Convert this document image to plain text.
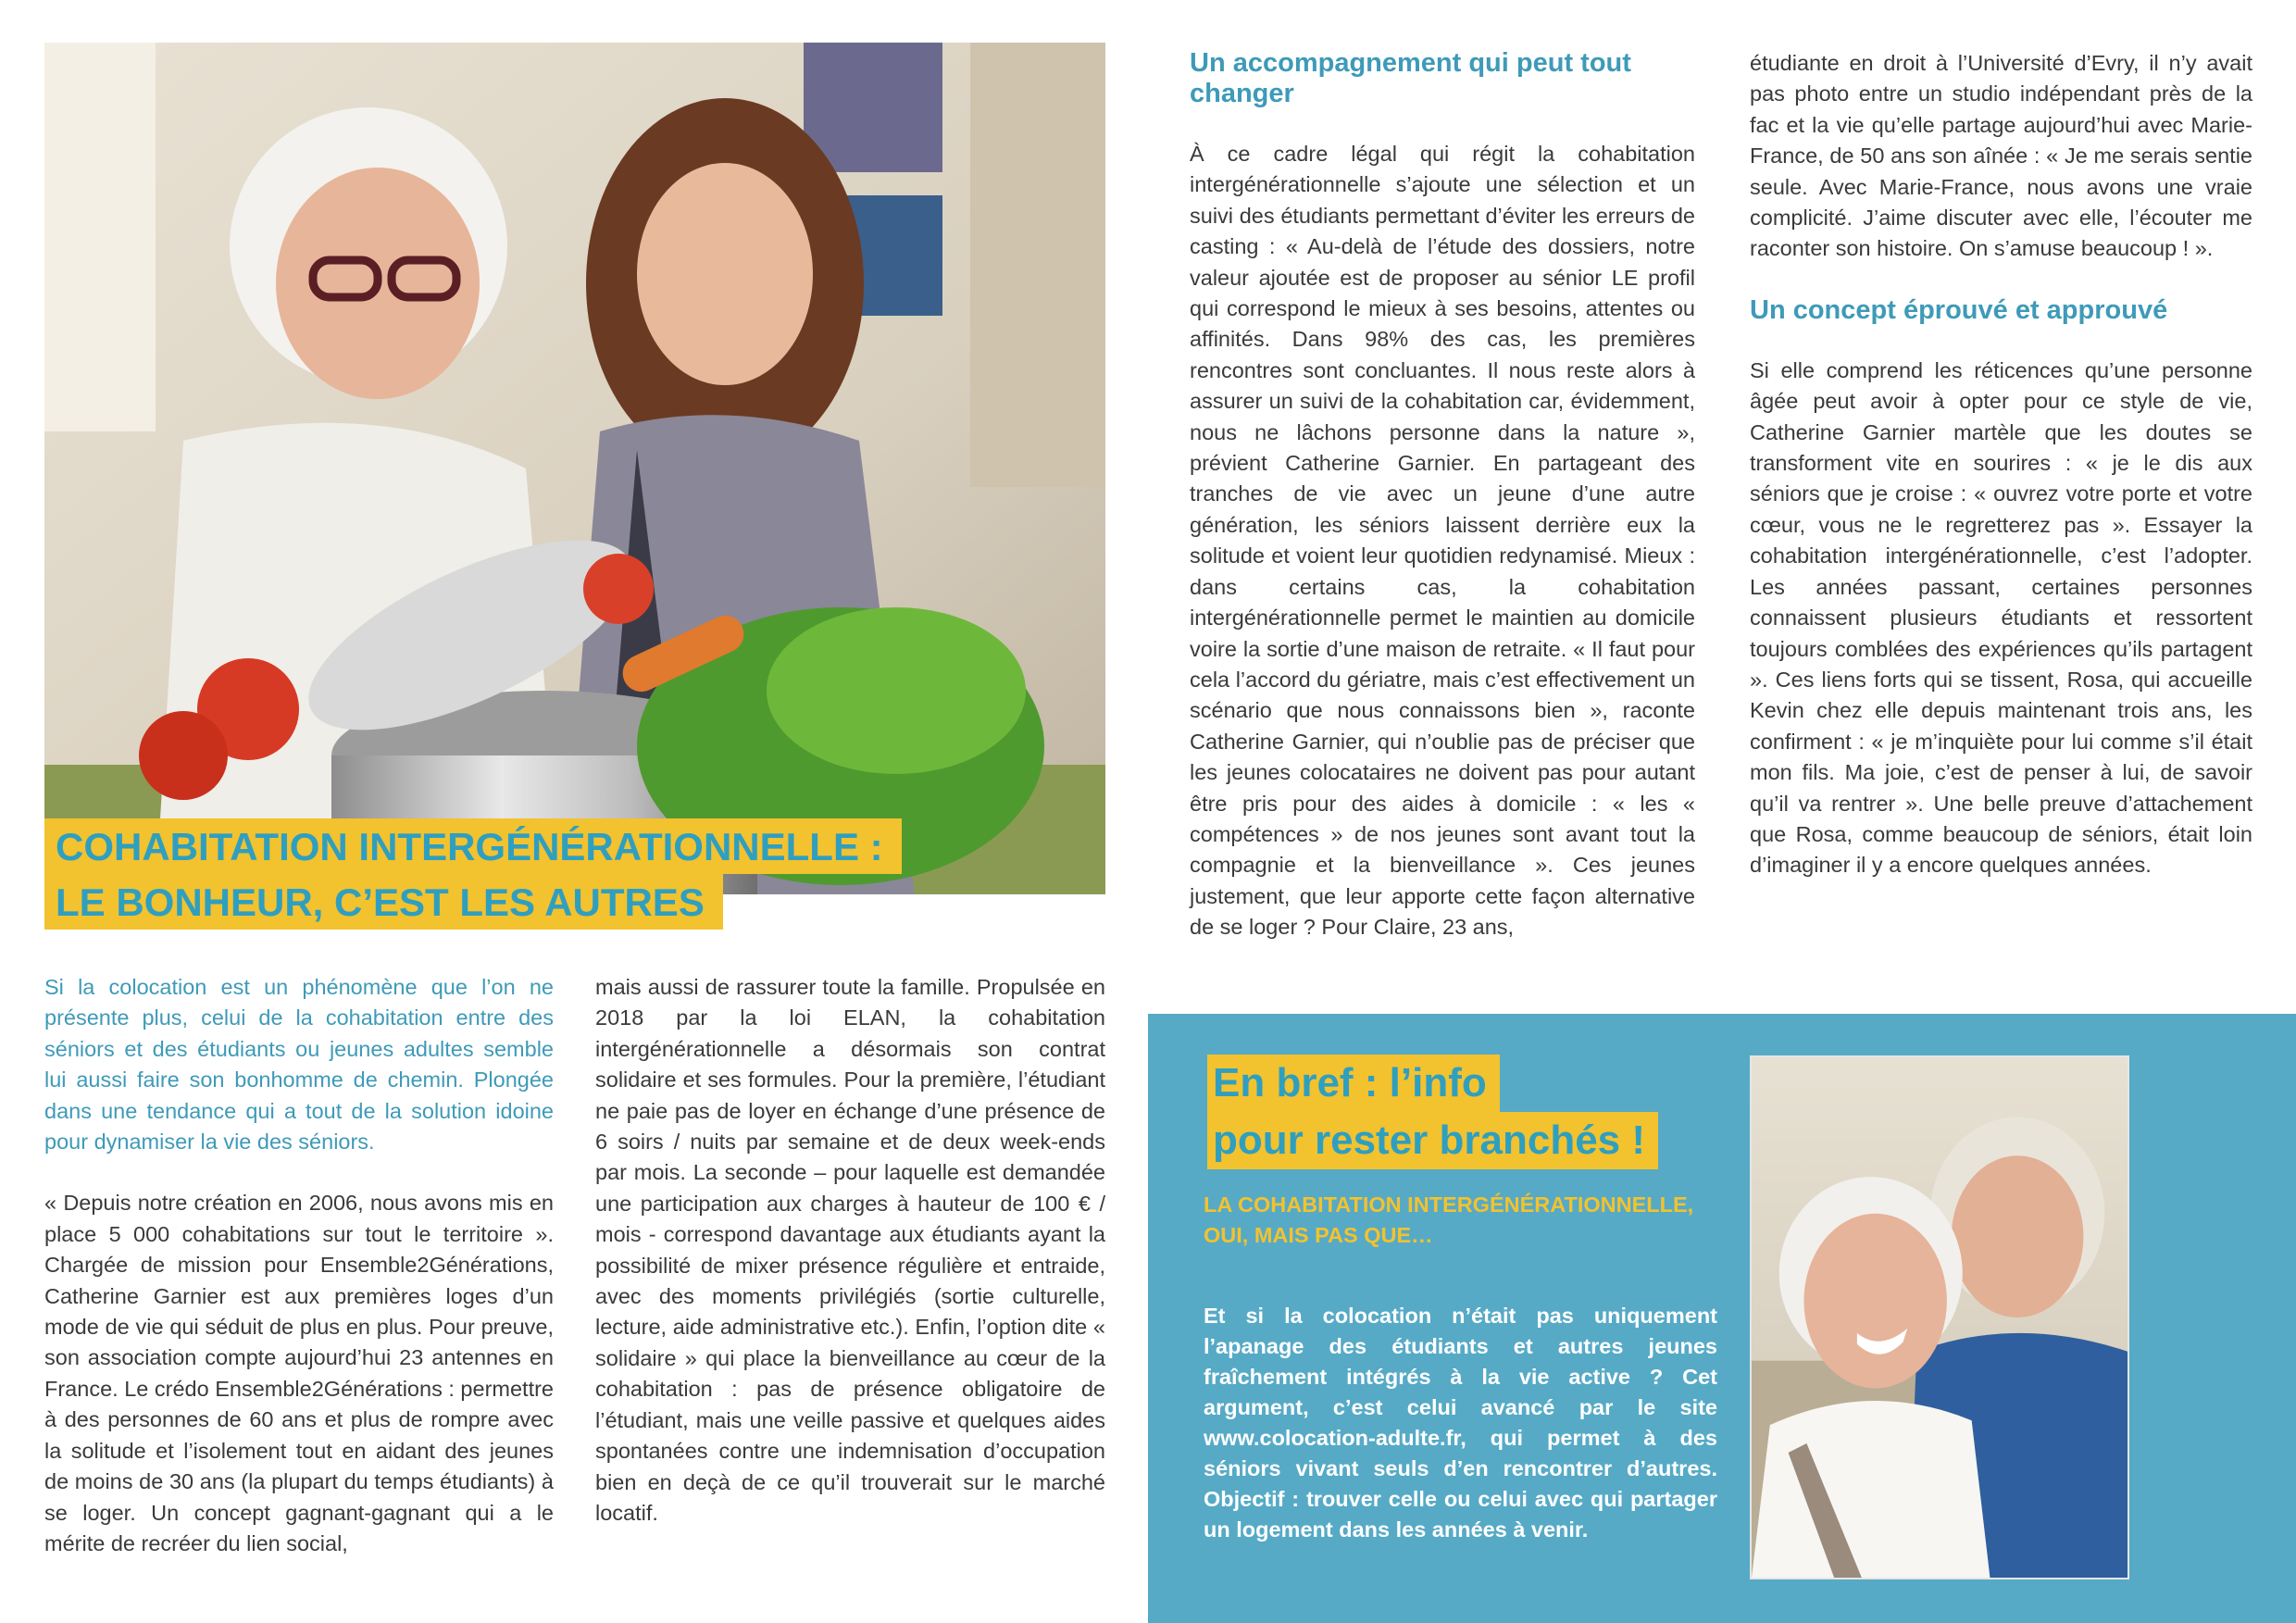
COHABITATION INTERGÉNÉRATIONNELLE :
LE BONHEUR, C’EST LES AUTRES

Si la colocation est un phénomène que l’on ne présente plus, celui de la cohabitation entre des séniors et des étudiants ou jeunes adultes semble lui aussi faire son bonhomme de chemin. Plongée dans une tendance qui a tout de la solution idoine pour dynamiser la vie des séniors.

« Depuis notre création en 2006, nous avons mis en place 5 000 cohabitations sur tout le territoire ». Chargée de mission pour Ensemble2Générations, Catherine Garnier est aux premières loges d’un mode de vie qui séduit de plus en plus. Pour preuve, son association compte aujourd’hui 23 antennes en France. Le crédo Ensemble2Générations : permettre à des personnes de 60 ans et plus de rompre avec la solitude et l’isolement tout en aidant des jeunes de moins de 30 ans (la plupart du temps étudiants) à se loger. Un concept gagnant-gagnant qui a le mérite de recréer du lien social,

mais aussi de rassurer toute la famille. Propulsée en 2018 par la loi ELAN, la cohabitation intergénérationnelle a désormais son contrat solidaire et ses formules. Pour la première, l’étudiant ne paie pas de loyer en échange d’une présence de 6 soirs / nuits par semaine et de deux week-ends par mois. La seconde – pour laquelle est demandée une participation aux charges à hauteur de 100 € / mois - correspond davantage aux étudiants ayant la possibilité de mixer présence régulière et entraide, avec des moments privilégiés (sortie culturelle, lecture, aide administrative etc.). Enfin, l’option dite « solidaire » qui place la bienveillance au cœur de la cohabitation : pas de présence obligatoire de l’étudiant, mais une veille passive et quelques aides spontanées contre une indemnisation d’occupation bien en deçà de ce qu’il trouverait sur le marché locatif.

Un accompagnement qui peut tout changer

À ce cadre légal qui régit la cohabitation intergénérationnelle s’ajoute une sélection et un suivi des étudiants permettant d’éviter les erreurs de casting : « Au-delà de l’étude des dossiers, notre valeur ajoutée est de proposer au sénior LE profil qui correspond le mieux à ses besoins, attentes ou affinités. Dans 98% des cas, les premières rencontres sont concluantes. Il nous reste alors à assurer un suivi de la cohabitation car, évidemment, nous ne lâchons personne dans la nature », prévient Catherine Garnier. En partageant des tranches de vie avec un jeune d’une autre génération, les séniors laissent derrière eux la solitude et voient leur quotidien redynamisé. Mieux : dans certains cas, la cohabitation intergénérationnelle permet le maintien au domicile voire la sortie d’une maison de retraite. « Il faut pour cela l’accord du gériatre, mais c’est effectivement un scénario que nous connaissons bien », raconte Catherine Garnier, qui n’oublie pas de préciser que les jeunes colocataires ne doivent pas pour autant être pris pour des aides à domicile : « les « compétences » de nos jeunes sont avant tout la compagnie et la bienveillance ». Ces jeunes justement, que leur apporte cette façon alternative de se loger ? Pour Claire, 23 ans,

étudiante en droit à l’Université d’Evry, il n’y avait pas photo entre un studio indépendant près de la fac et la vie qu’elle partage aujourd’hui avec Marie-France, de 50 ans son aînée : « Je me serais sentie seule. Avec Marie-France, nous avons une vraie complicité. J’aime discuter avec elle, l’écouter me raconter son histoire. On s’amuse beaucoup ! ».

Un concept éprouvé et approuvé

Si elle comprend les réticences qu’une personne âgée peut avoir à opter pour ce style de vie, Catherine Garnier martèle que les doutes se transforment vite en sourires : « je le dis aux séniors que je croise : « ouvrez votre porte et votre cœur, vous ne le regretterez pas ». Essayer la cohabitation intergénérationnelle, c’est l’adopter. Les années passant, certaines personnes connaissent plusieurs étudiants et ressortent toujours comblées des expériences qu’ils partagent ». Ces liens forts qui se tissent, Rosa, qui accueille Kevin chez elle depuis maintenant trois ans, les confirment : « je m’inquiète pour lui comme s’il était mon fils. Ma joie, c’est de penser à lui, de savoir qu’il va rentrer ». Une belle preuve d’attachement que Rosa, comme beaucoup de séniors, était loin d’imaginer il y a encore quelques années.

En bref : l’info
pour rester branchés !
LA COHABITATION INTERGÉNÉRATIONNELLE, OUI, MAIS PAS QUE…
Et si la colocation n’était pas uniquement l’apanage des étudiants et autres jeunes fraîchement intégrés à la vie active ? Cet argument, c’est celui avancé par le site www.colocation-adulte.fr, qui permet à des séniors vivant seuls d’en rencontrer d’autres. Objectif : trouver celle ou celui avec qui partager un logement dans les années à venir.
